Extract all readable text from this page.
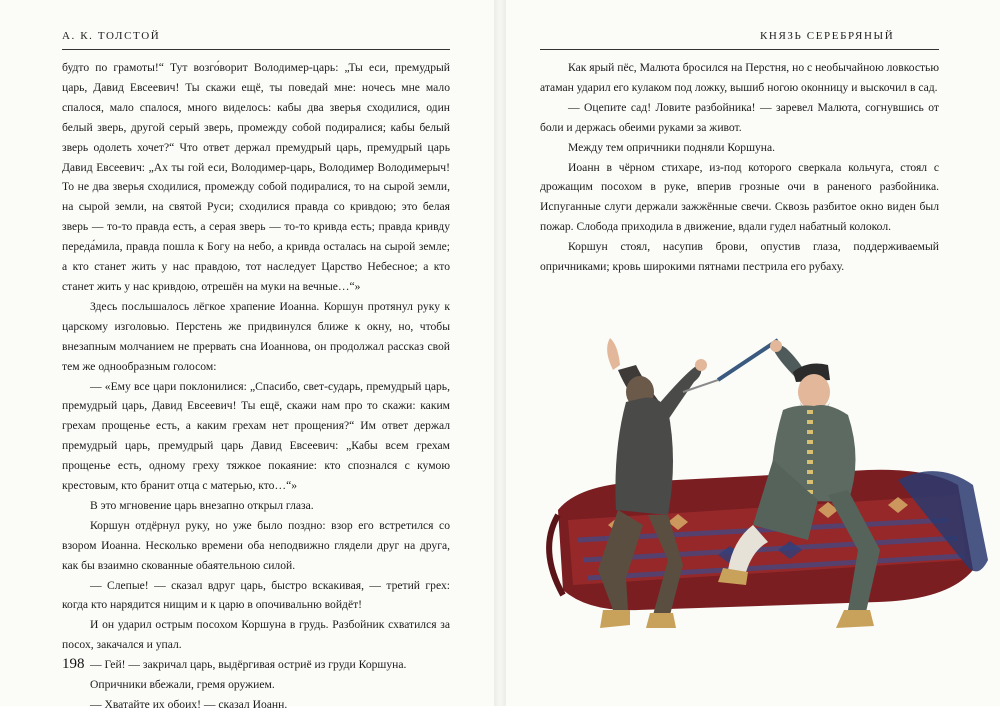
А. К. ТОЛСТОЙ

будто по грамоты!“ Тут возго́ворит Володимер-царь: „Ты еси, премудрый царь, Давид Евсеевич! Ты скажи ещё, ты поведай мне: ночесь мне мало спалося, мало спалося, много виделось: кабы два зверья сходилися, один белый зверь, другой серый зверь, промежду собой подиралися; кабы белый зверь одолеть хочет?“ Что ответ держал премудрый царь, премудрый царь Давид Евсеевич: „Ах ты гой еси, Володимер-царь, Володимер Володимерыч! То не два зверья сходилися, промежду собой подиралися, то на сырой земли, на сырой земли, на святой Руси; сходилися правда со кривдою; это белая зверь — то-то правда есть, а серая зверь — то-то кривда есть; правда кривду переда́мила, правда пошла к Богу на небо, а кривда осталась на сырой земле; а кто станет жить у нас правдою, тот наследует Царство Небесное; а кто станет жить у нас кривдою, отрешён на муки на вечные…“»

Здесь послышалось лёгкое храпение Иоанна. Коршун протянул руку к царскому изголовью. Перстень же придвинулся ближе к окну, но, чтобы внезапным молчанием не прервать сна Иоаннова, он продолжал рассказ свой тем же однообразным голосом:

— «Ему все цари поклонилися: „Спасибо, свет-сударь, премудрый царь, премудрый царь, Давид Евсеевич! Ты ещё, скажи нам про то скажи: каким грехам прощенье есть, а каким грехам нет прощения?“ Им ответ держал премудрый царь, премудрый царь Давид Евсеевич: „Кабы всем грехам прощенье есть, одному греху тяжкое покаяние: кто спознался с кумою крестовым, кто бранит отца с матерью, кто…“»

В это мгновение царь внезапно открыл глаза.

Коршун отдёрнул руку, но уже было поздно: взор его встретился со взором Иоанна. Несколько времени оба неподвижно глядели друг на друга, как бы взаимно скованные обаятельною силой.

— Слепые! — сказал вдруг царь, быстро вскакивая, — третий грех: когда кто нарядится нищим и к царю в опочивальню войдёт!

И он ударил острым посохом Коршуна в грудь. Разбойник схватился за посох, закачался и упал.

— Гей! — закричал царь, выдёргивая остриё из груди Коршуна.

Опричники вбежали, гремя оружием.

— Хватайте их обоих! — сказал Иоанн.

198
КНЯЗЬ СЕРЕБРЯНЫЙ

Как ярый пёс, Малюта бросился на Перстня, но с необычайною ловкостью атаман ударил его кулаком под ложку, вышиб ногою оконницу и выскочил в сад.

— Оцепите сад! Ловите разбойника! — заревел Малюта, согнувшись от боли и держась обеими руками за живот.

Между тем опричники подняли Коршуна.

Иоанн в чёрном стихаре, из-под которого сверкала кольчуга, стоял с дрожащим посохом в руке, вперив грозные очи в раненого разбойника. Испуганные слуги держали зажжённые свечи. Сквозь разбитое окно виден был пожар. Слобода приходила в движение, вдали гудел набатный колокол.

Коршун стоял, насупив брови, опустив глаза, поддерживаемый опричниками; кровь широкими пятнами пестрила его рубаху.
